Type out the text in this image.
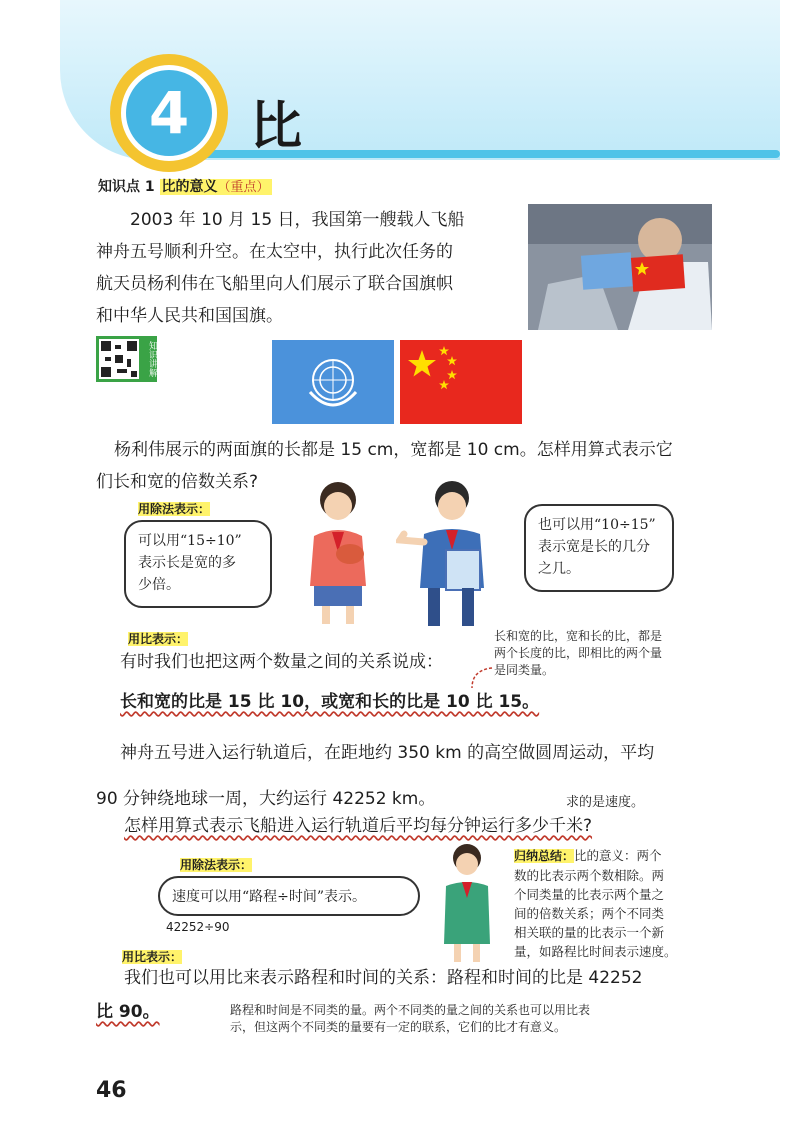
4 比
知识点 1 比的意义（重点）
2003 年 10 月 15 日，我国第一艘载人飞船
神舟五号顺利升空。在太空中，执行此次任务的
航天员杨利伟在飞船里向人们展示了联合国旗帜
和中华人民共和国国旗。
知识讲解
杨利伟展示的两面旗的长都是 15 cm，宽都是 10 cm。怎样用算式表示它
们长和宽的倍数关系?
用除法表示：
可以用“15÷10”
表示长是宽的多
少倍。
也可以用“10÷15”
表示宽是长的几分
之几。
用比表示：
有时我们也把这两个数量之间的关系说成：
长和宽的比，宽和长的比，都是
两个长度的比，即相比的两个量
是同类量。
长和宽的比是 15 比 10，或宽和长的比是 10 比 15。
神舟五号进入运行轨道后，在距地约 350 km 的高空做圆周运动，平均
90 分钟绕地球一周，大约运行 42252 km。	求的是速度。
怎样用算式表示飞船进入运行轨道后平均每分钟运行多少千米?
用除法表示：
速度可以用“路程÷时间”表示。
42252÷90
归纳总结：比的意义：两个
数的比表示两个数相除。两
个同类量的比表示两个量之
间的倍数关系；两个不同类
相关联的量的比表示一个新
量，如路程比时间表示速度。
用比表示：
我们也可以用比来表示路程和时间的关系：路程和时间的比是 42252
比 90。	路程和时间是不同类的量。两个不同类的量之间的关系也可以用比表
示，但这两个不同类的量要有一定的联系，它们的比才有意义。
46
